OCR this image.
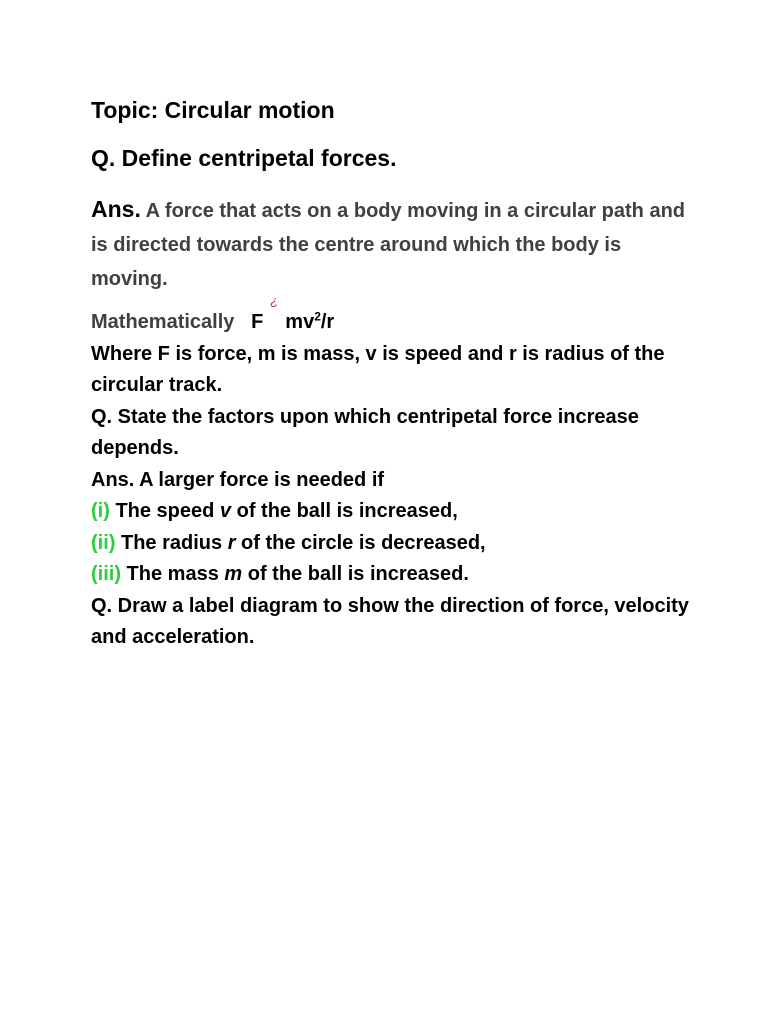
Topic: Circular motion
Q. Define centripetal forces.
Ans. A force that acts on a body moving in a circular path and is directed towards the centre around which the body is moving.
Mathematically F
¿
$mv^2/r$
Where F is force, m is mass, v is speed and r is radius of the circular track.
Q. State the factors upon which centripetal force increase depends.
Ans. A larger force is needed if
(i) The speed v of the ball is increased,
(ii) The radius r of the circle is decreased,
(iii) The mass m of the ball is increased.
Q. Draw a label diagram to show the direction of force, velocity and acceleration.
